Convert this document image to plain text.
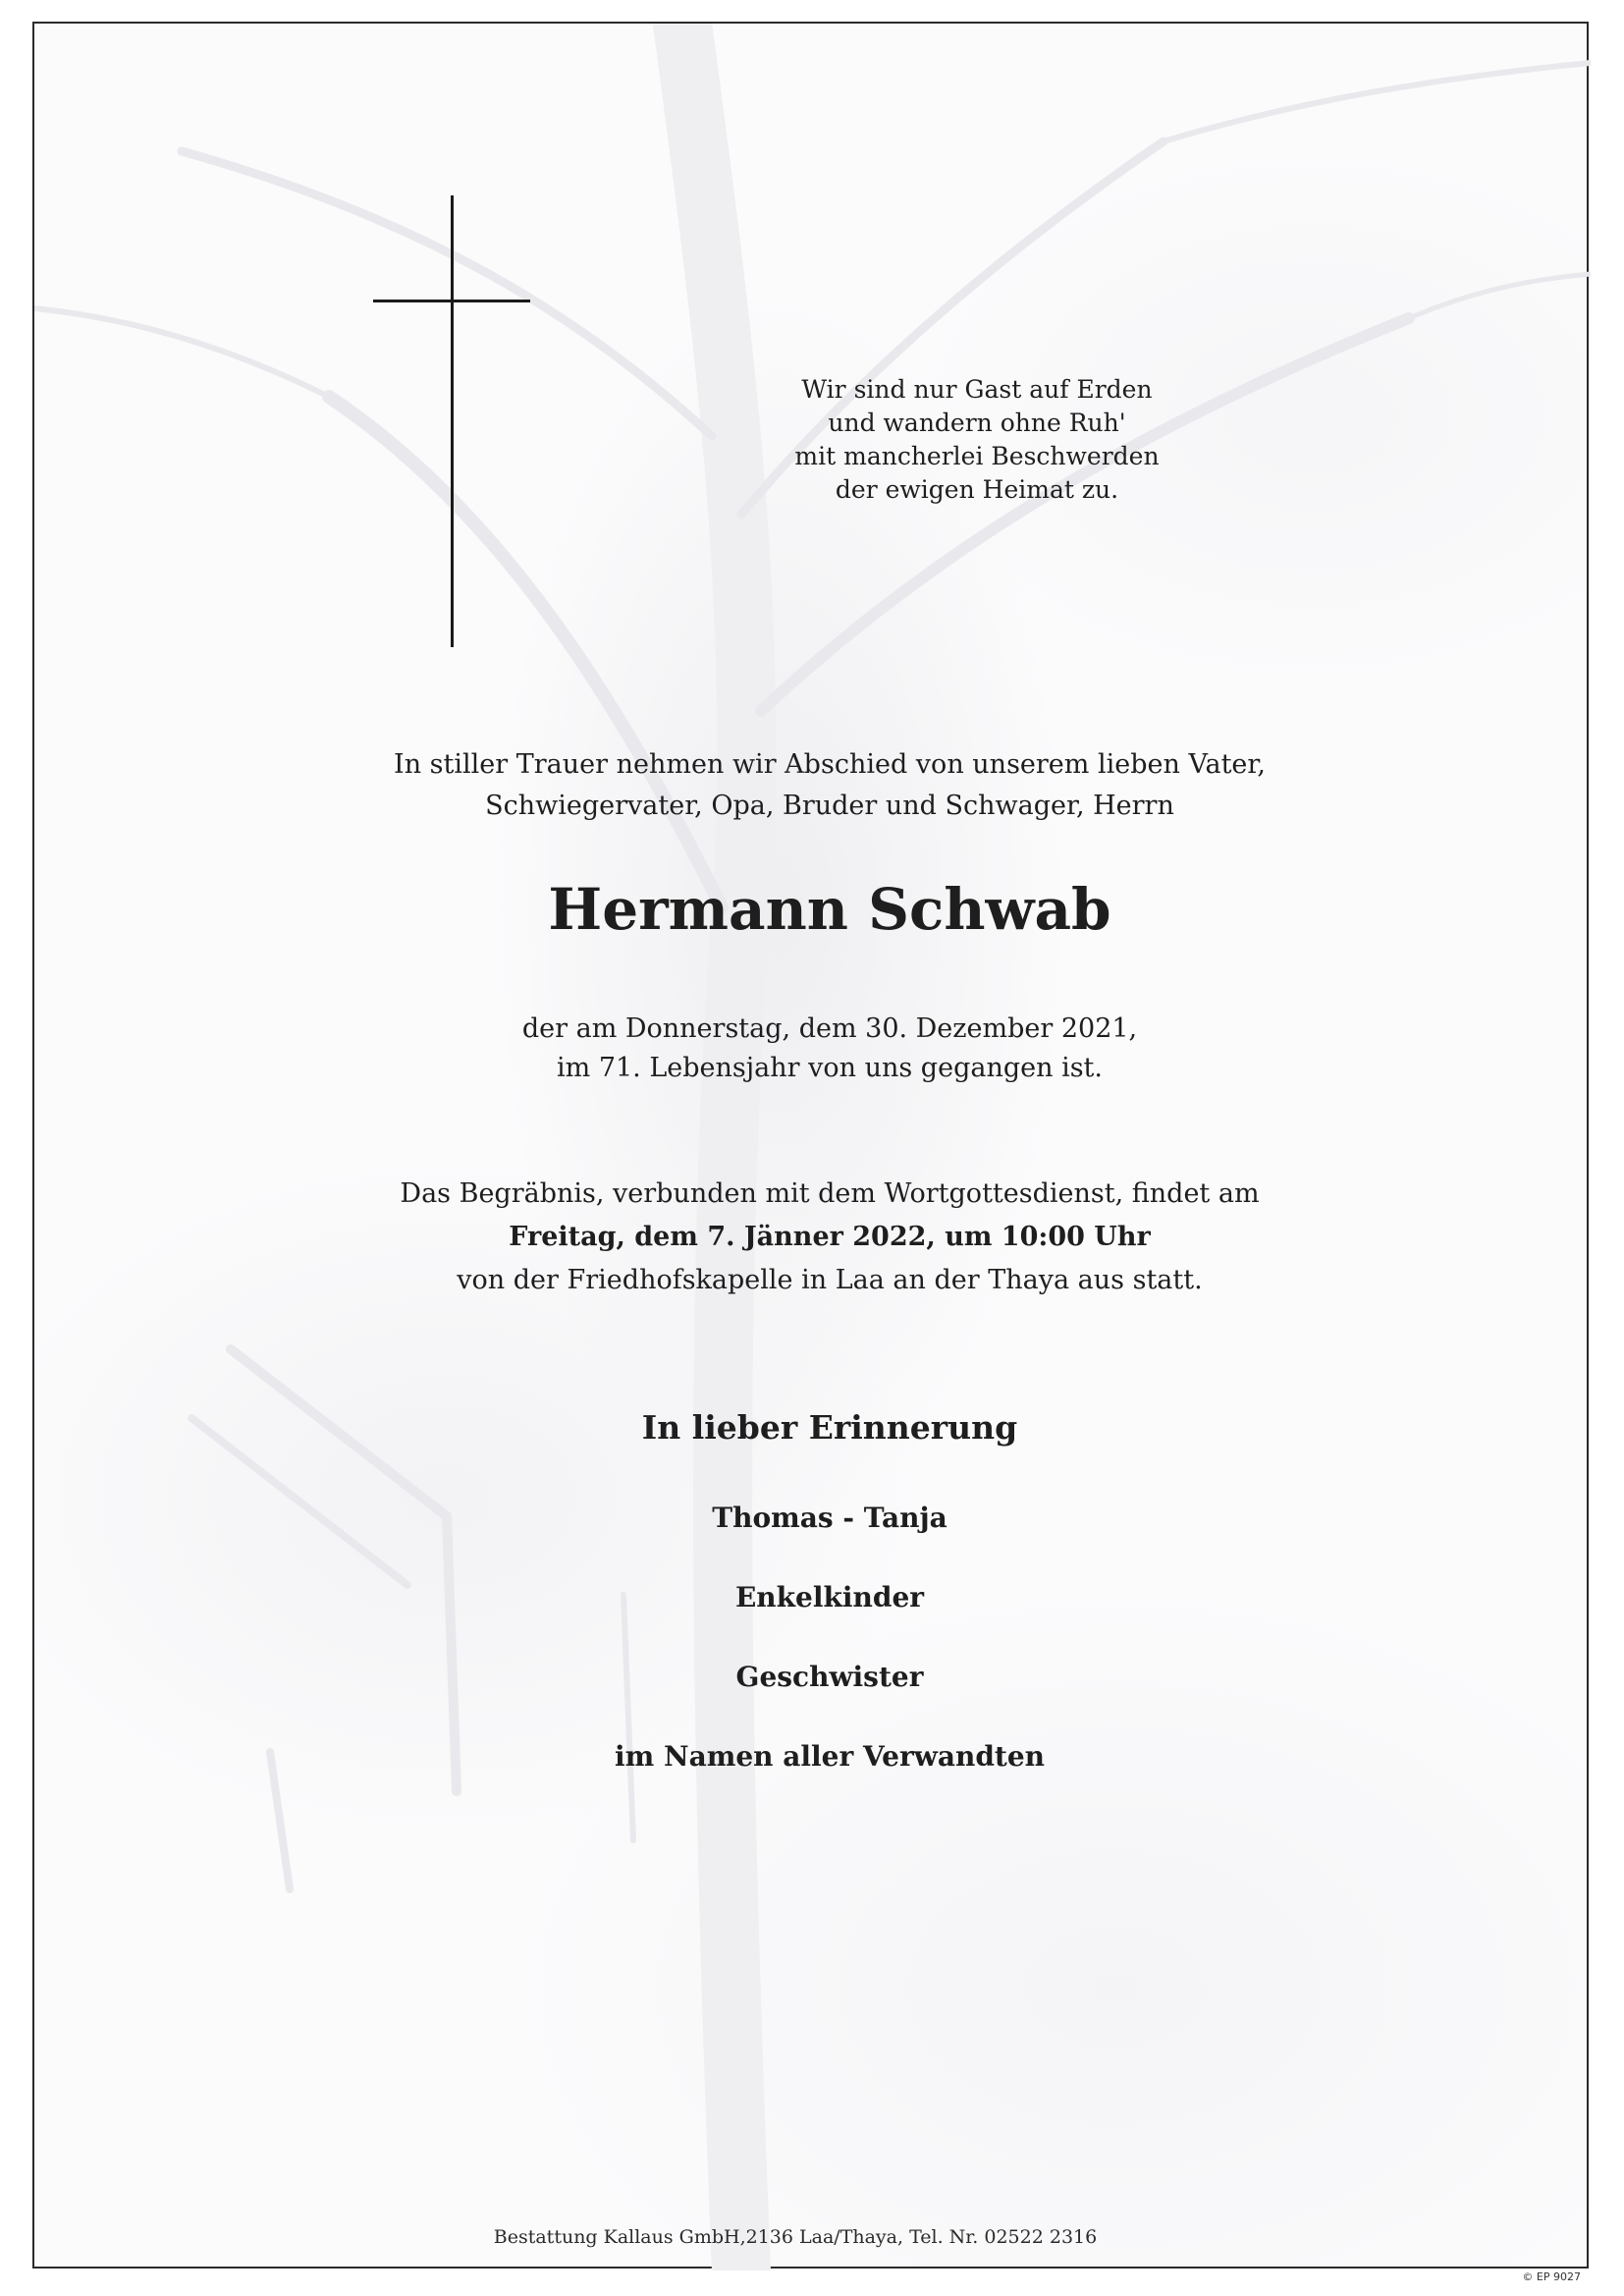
Wir sind nur Gast auf Erden
und wandern ohne Ruh'
mit mancherlei Beschwerden
der ewigen Heimat zu.
In stiller Trauer nehmen wir Abschied von unserem lieben Vater,
Schwiegervater, Opa, Bruder und Schwager, Herrn
Hermann Schwab
der am Donnerstag, dem 30. Dezember 2021,
im 71. Lebensjahr von uns gegangen ist.
Das Begräbnis, verbunden mit dem Wortgottesdienst, findet am
Freitag, dem 7. Jänner 2022, um 10:00 Uhr
von der Friedhofskapelle in Laa an der Thaya aus statt.
In lieber Erinnerung
Thomas - Tanja
Enkelkinder
Geschwister
im Namen aller Verwandten
Bestattung Kallaus GmbH,2136 Laa/Thaya, Tel. Nr. 02522 2316
© EP 9027
